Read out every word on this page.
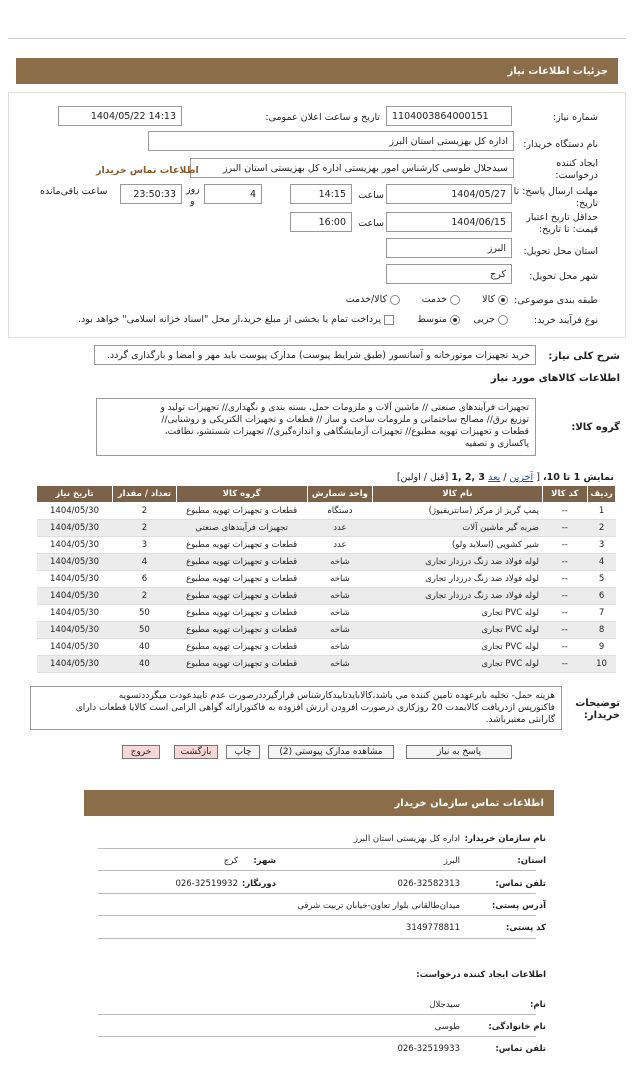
جزئیات اطلاعات نیاز
شماره نیاز:
1104003864000151
تاریخ و ساعت اعلان عمومی:
1404/05/22 14:13
نام دستگاه خریدار:
اداره کل بهزیستی استان البرز
ایجاد کننده
درخواست:
سیدجلال طوسی کارشناس امور بهزیستی اداره کل بهزیستی استان البرز
اطلاعات تماس خریدار
مهلت ارسال پاسخ: تا
تاریخ:
1404/05/27
ساعت
14:15
4
روز
و
23:50:33
ساعت باقی‌مانده
حداقل تاریخ اعتبار
قیمت: تا تاریخ:
1404/06/15
ساعت
16:00
استان محل تحویل:
البرز
شهر محل تحویل:
کرج
طبقه بندی موضوعی:
کالا
خدمت
کالا/خدمت
نوع فرآیند خرید:
جزیی
متوسط
پرداخت تمام یا بخشی از مبلغ خرید،از محل "اسناد خزانه اسلامی" خواهد بود.
شرح کلی نیاز:
خرید تجهیزات موتورخانه و آسانسور (طبق شرایط پیوست) مدارک پیوست باید مهر و امضا و بارگذاری گردد.
اطلاعات کالاهای مورد نیاز
گروه کالا:
تجهیزات فرآیندهای صنعتی // ماشین آلات و ملزومات حمل، بسته بندی و نگهداری// تجهیزات تولید و
توزیع برق// مصالح ساختمانی و ملزومات ساخت و ساز // قطعات و تجهیزات الکتریکی و روشنایی//
قطعات و تجهیزات تهویه مطبوع// تجهیزات آزمایشگاهی و اندازه‌گیری// تجهیزات شستشو، نظافت،
پاکسازی و تصفیه
نمایش 1 تا 10، [ آخرین / بعد 3 ,2 ,1 [قبل / اولین]
ردیف	کد کالا	نام کالا	واحد شمارش	گروه کالا	تعداد / مقدار	تاریخ نیاز
1	--	پمپ گریز از مرکز (سانتریفیوژ)	دستگاه	قطعات و تجهیزات تهویه مطبوع	2	1404/05/30
2	--	ضربه گیر ماشین آلات	عدد	تجهیزات فرآیندهای صنعتی	2	1404/05/30
3	--	شیر کشویی (اسلاید ولو)	عدد	قطعات و تجهیزات تهویه مطبوع	3	1404/05/30
4	--	لوله فولاد ضد زنگ درزدار تجاری	شاخه	قطعات و تجهیزات تهویه مطبوع	4	1404/05/30
5	--	لوله فولاد ضد زنگ درزدار تجاری	شاخه	قطعات و تجهیزات تهویه مطبوع	6	1404/05/30
6	--	لوله فولاد ضد زنگ درزدار تجاری	شاخه	قطعات و تجهیزات تهویه مطبوع	2	1404/05/30
7	--	لوله PVC تجاری	شاخه	قطعات و تجهیزات تهویه مطبوع	50	1404/05/30
8	--	لوله PVC تجاری	شاخه	قطعات و تجهیزات تهویه مطبوع	50	1404/05/30
9	--	لوله PVC تجاری	شاخه	قطعات و تجهیزات تهویه مطبوع	40	1404/05/30
10	--	لوله PVC تجاری	شاخه	قطعات و تجهیزات تهویه مطبوع	40	1404/05/30
توضیحات
خریدار:
هزینه حمل- تخلیه بابرعهده تامین کننده می باشد،کالابایدتاییدکارشناس قرارگیرددرصورت عدم تاییدعودت میگرددتسویه
فاکتورپس ازدریافت کالابمدت 20 روزکاری درصورت افزودن ارزش افزوده به فاکتورارائه گواهی الزامی است کالایا قطعات دارای
گارانتی معتبرباشد.
پاسخ به نیاز
مشاهده مدارک پیوستی (2)
چاپ
بازگشت
خروج
اطلاعات تماس سازمان خریدار
نام سازمان خریدار:
اداره کل بهزیستی استان البرز
استان:
البرز
شهر:
کرج
تلفن تماس:
026-32582313
دورنگار:
026-32519932
آدرس پستی:
میدان‌طالقانی بلوار تعاون-خیابان تربیت شرقی
کد پستی:
3149778811
اطلاعات ایجاد کننده درخواست:
نام:
سیدجلال
نام خانوادگی:
طوسی
تلفن تماس:
026-32519933
